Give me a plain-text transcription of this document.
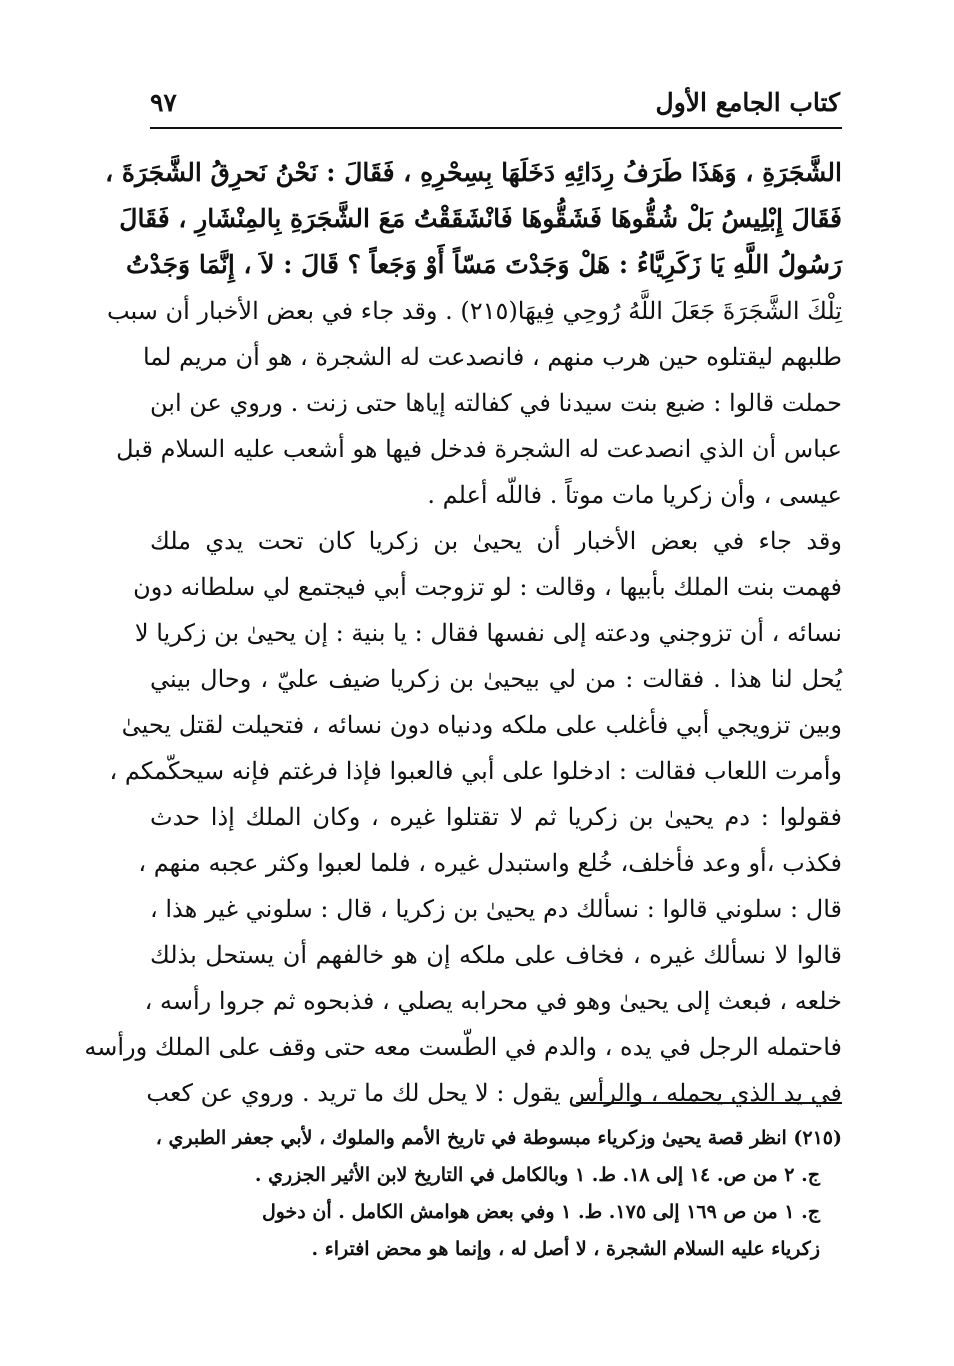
كتاب الجامع الأول
٩٧
الشَّجَرَةِ ، وَهَذَا طَرَفُ رِدَائِهِ دَخَلَهَا بِسِحْرِهِ ، فَقَالَ : نَحْنُ نَحرِقُ الشَّجَرَةَ ،
فَقَالَ إِبْلِيسُ بَلْ شُقُّوهَا فَشَقُّوهَا فَانْشَقَقْتُ مَعَ الشَّجَرَةِ بِالمِنْشَارِ ، فَقَالَ
رَسُولُ اللَّهِ يَا زَكَرِيَّاءُ : هَلْ وَجَدْتَ مَسّاً أَوْ وَجَعاً ؟ قَالَ : لاَ ، إِنَّمَا وَجَدْتُ
تِلْكَ الشَّجَرَةَ جَعَلَ اللَّهُ رُوحِي فِيهَا(٢١٥) . وقد جاء في بعض الأخبار أن سبب
طلبهم ليقتلوه حين هرب منهم ، فانصدعت له الشجرة ، هو أن مريم لما
حملت قالوا : ضيع بنت سيدنا في كفالته إياها حتى زنت . وروي عن ابن
عباس أن الذي انصدعت له الشجرة فدخل فيها هو أشعب عليه السلام قبل
عيسى ، وأن زكريا مات موتاً . فاللّه أعلم .
وقد جاء في بعض الأخبار أن يحيىٰ بن زكريا كان تحت يدي ملك
فهمت بنت الملك بأبيها ، وقالت : لو تزوجت أبي فيجتمع لي سلطانه دون
نسائه ، أن تزوجني ودعته إلى نفسها فقال : يا بنية : إن يحيىٰ بن زكريا لا
يُحل لنا هذا . فقالت : من لي بيحيىٰ بن زكريا ضيف عليّ ، وحال بيني
وبين تزويجي أبي فأغلب على ملكه ودنياه دون نسائه ، فتحيلت لقتل يحيىٰ
وأمرت اللعاب فقالت : ادخلوا على أبي فالعبوا فإذا فرغتم فإنه سيحكّمكم ،
فقولوا : دم يحيىٰ بن زكريا ثم لا تقتلوا غيره ، وكان الملك إذا حدث
فكذب ،أو وعد فأخلف، خُلع واستبدل غيره ، فلما لعبوا وكثر عجبه منهم ،
قال : سلوني قالوا : نسألك دم يحيىٰ بن زكريا ، قال : سلوني غير هذا ،
قالوا لا نسألك غيره ، فخاف على ملكه إن هو خالفهم أن يستحل بذلك
خلعه ، فبعث إلى يحيىٰ وهو في محرابه يصلي ، فذبحوه ثم جروا رأسه ،
فاحتمله الرجل في يده ، والدم في الطّست معه حتى وقف على الملك ورأسه
في يد الذي يحمله ، والرأس يقول : لا يحل لك ما تريد . وروي عن كعب
(٢١٥) انظر قصة يحيىٰ وزكرياء مبسوطة في تاريخ الأمم والملوك ، لأبي جعفر الطبري ،
ج. ٢ من ص. ١٤ إلى ١٨. ط. ١ وبالكامل في التاريخ لابن الأثير الجزري .
ج. ١ من ص ١٦٩ إلى ١٧٥. ط. ١ وفي بعض هوامش الكامل . أن دخول
زكرياء عليه السلام الشجرة ، لا أصل له ، وإنما هو محض افتراء .
